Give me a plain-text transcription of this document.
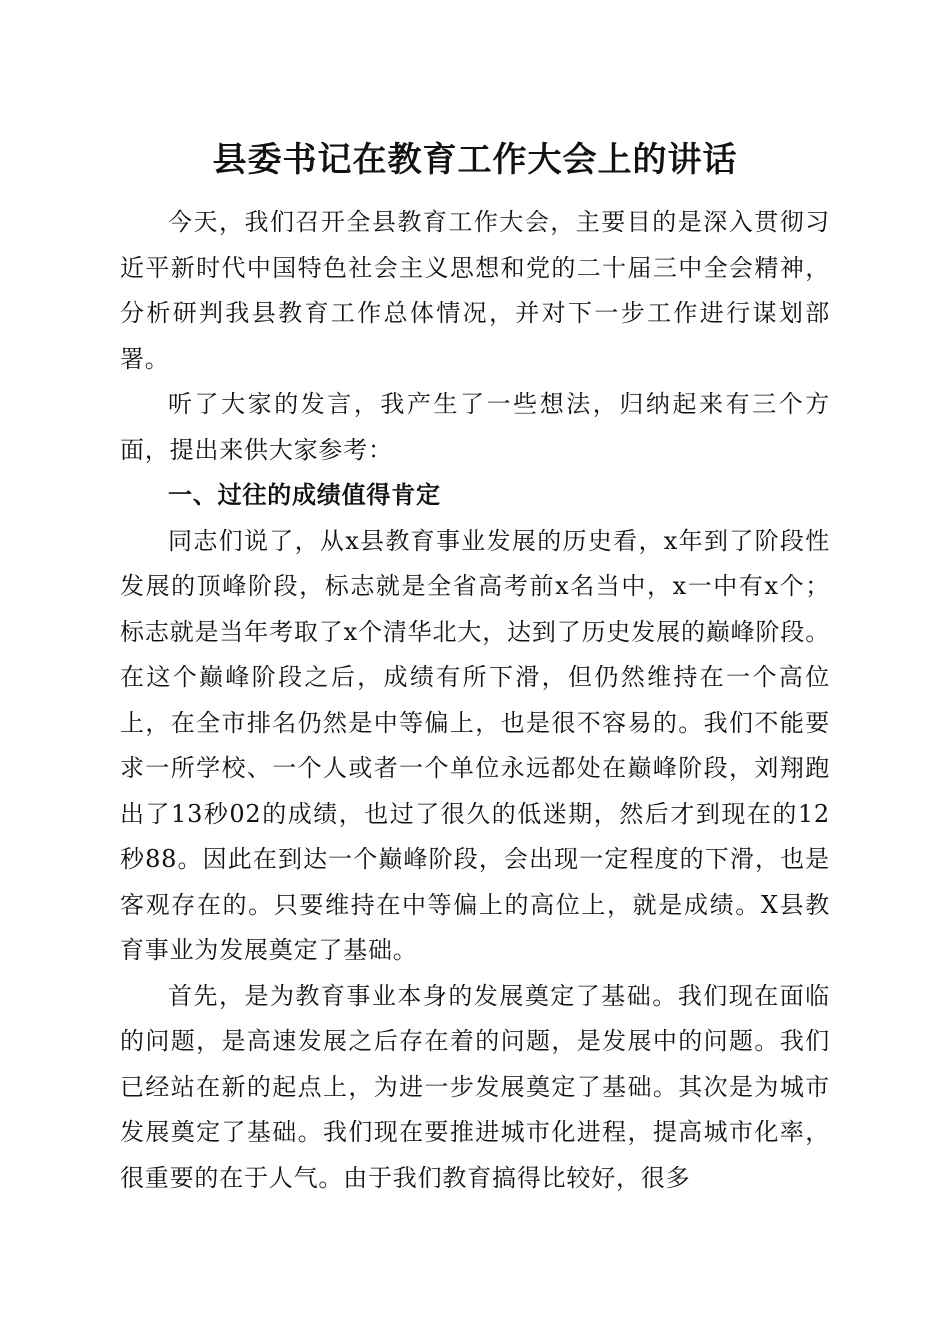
县委书记在教育工作大会上的讲话

今天，我们召开全县教育工作大会，主要目的是深入贯彻习近平新时代中国特色社会主义思想和党的二十届三中全会精神，分析研判我县教育工作总体情况，并对下一步工作进行谋划部署。

听了大家的发言，我产生了一些想法，归纳起来有三个方面，提出来供大家参考：

一、过往的成绩值得肯定

同志们说了，从x县教育事业发展的历史看，x年到了阶段性发展的顶峰阶段，标志就是全省高考前x名当中，x一中有x个；标志就是当年考取了x个清华北大，达到了历史发展的巅峰阶段。在这个巅峰阶段之后，成绩有所下滑，但仍然维持在一个高位上，在全市排名仍然是中等偏上，也是很不容易的。我们不能要求一所学校、一个人或者一个单位永远都处在巅峰阶段，刘翔跑出了13秒02的成绩，也过了很久的低迷期，然后才到现在的12秒88。因此在到达一个巅峰阶段，会出现一定程度的下滑，也是客观存在的。只要维持在中等偏上的高位上，就是成绩。X县教育事业为发展奠定了基础。

首先，是为教育事业本身的发展奠定了基础。我们现在面临的问题，是高速发展之后存在着的问题，是发展中的问题。我们已经站在新的起点上，为进一步发展奠定了基础。其次是为城市发展奠定了基础。我们现在要推进城市化进程，提高城市化率，很重要的在于人气。由于我们教育搞得比较好，很多
